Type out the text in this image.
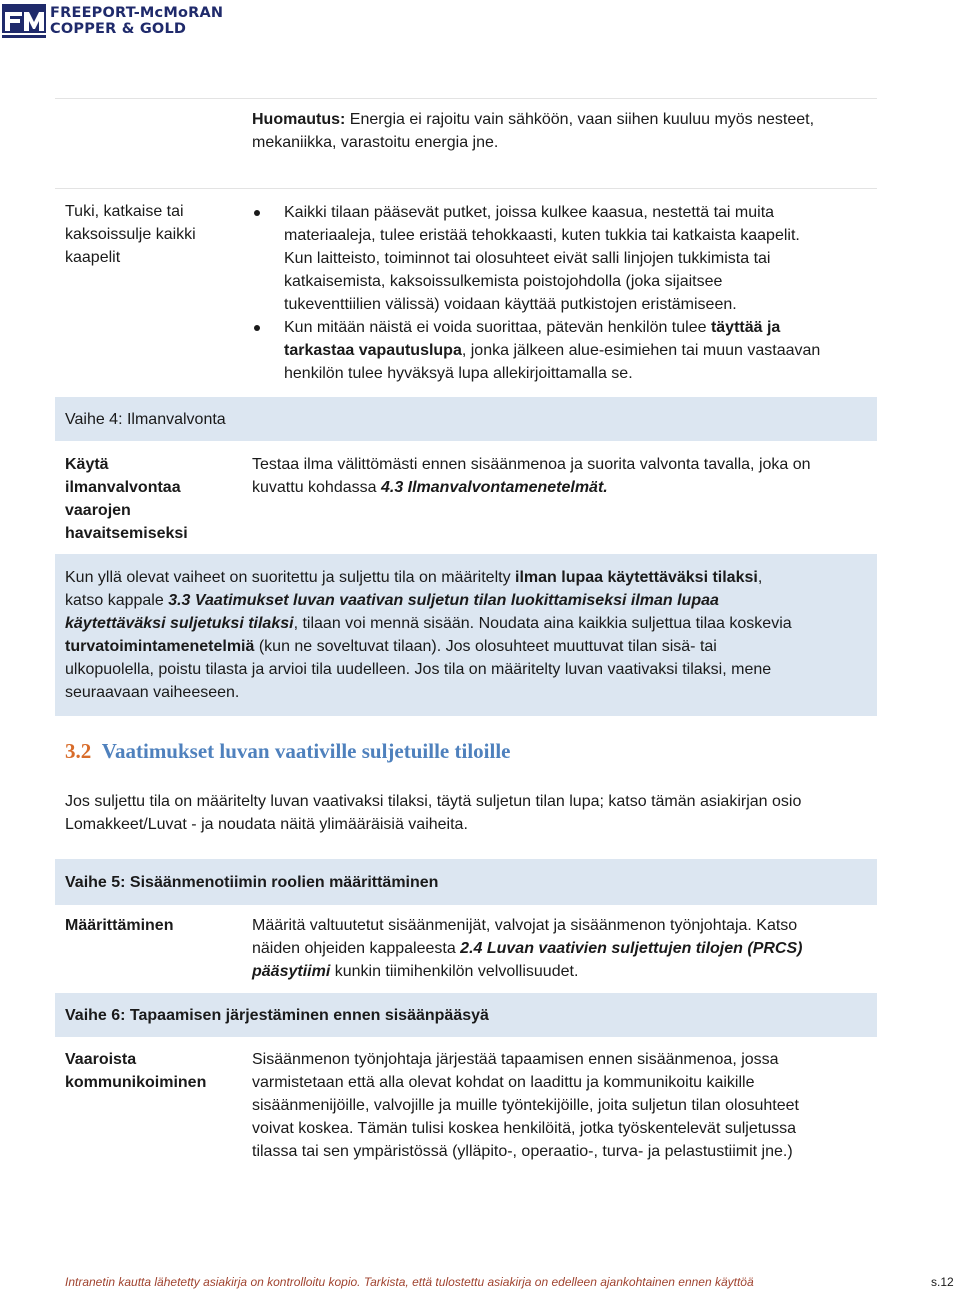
FREEPORT-McMoRAN
COPPER & GOLD
Huomautus: Energia ei rajoitu vain sähköön, vaan siihen kuuluu myös nesteet,
mekaniikka, varastoitu energia jne.
Tuki, katkaise tai
kaksoissulje kaikki
kaapelit
Kaikki tilaan pääsevät putket, joissa kulkee kaasua, nestettä tai muita
materiaaleja, tulee eristää tehokkaasti, kuten tukkia tai katkaista kaapelit.
Kun laitteisto, toiminnot tai olosuhteet eivät salli linjojen tukkimista tai
katkaisemista, kaksoissulkemista poistojohdolla (joka sijaitsee
tukeventtiilien välissä) voidaan käyttää putkistojen eristämiseen.
Kun mitään näistä ei voida suorittaa, pätevän henkilön tulee täyttää ja
tarkastaa vapautuslupa, jonka jälkeen alue-esimiehen tai muun vastaavan
henkilön tulee hyväksyä lupa allekirjoittamalla se.
Vaihe 4: Ilmanvalvonta
Käytä
ilmanvalvontaa
vaarojen
havaitsemiseksi
Testaa ilma välittömästi ennen sisäänmenoa ja suorita valvonta tavalla, joka on
kuvattu kohdassa 4.3 Ilmanvalvontamenetelmät.
Kun yllä olevat vaiheet on suoritettu ja suljettu tila on määritelty ilman lupaa käytettäväksi tilaksi,
katso kappale 3.3 Vaatimukset luvan vaativan suljetun tilan luokittamiseksi ilman lupaa
käytettäväksi suljetuksi tilaksi, tilaan voi mennä sisään. Noudata aina kaikkia suljettua tilaa koskevia
turvatoimintamenetelmiä (kun ne soveltuvat tilaan). Jos olosuhteet muuttuvat tilan sisä- tai
ulkopuolella, poistu tilasta ja arvioi tila uudelleen. Jos tila on määritelty luvan vaativaksi tilaksi, mene
seuraavaan vaiheeseen.
3.2 Vaatimukset luvan vaativille suljetuille tiloille
Jos suljettu tila on määritelty luvan vaativaksi tilaksi, täytä suljetun tilan lupa; katso tämän asiakirjan osio
Lomakkeet/Luvat - ja noudata näitä ylimääräisiä vaiheita.
Vaihe 5: Sisäänmenotiimin roolien määrittäminen
Määrittäminen	Määritä valtuutetut sisäänmenijät, valvojat ja sisäänmenon työnjohtaja. Katso
näiden ohjeiden kappaleesta 2.4 Luvan vaativien suljettujen tilojen (PRCS)
pääsytiimi kunkin tiimihenkilön velvollisuudet.
Vaihe 6: Tapaamisen järjestäminen ennen sisäänpääsyä
Vaaroista
kommunikoiminen
Sisäänmenon työnjohtaja järjestää tapaamisen ennen sisäänmenoa, jossa
varmistetaan että alla olevat kohdat on laadittu ja kommunikoitu kaikille
sisäänmenijöille, valvojille ja muille työntekijöille, joita suljetun tilan olosuhteet
voivat koskea. Tämän tulisi koskea henkilöitä, jotka työskentelevät suljetussa
tilassa tai sen ympäristössä (ylläpito-, operaatio-, turva- ja pelastustiimit jne.)
Intranetin kautta lähetetty asiakirja on kontrolloitu kopio. Tarkista, että tulostettu asiakirja on edelleen ajankohtainen ennen käyttöä	s.12
